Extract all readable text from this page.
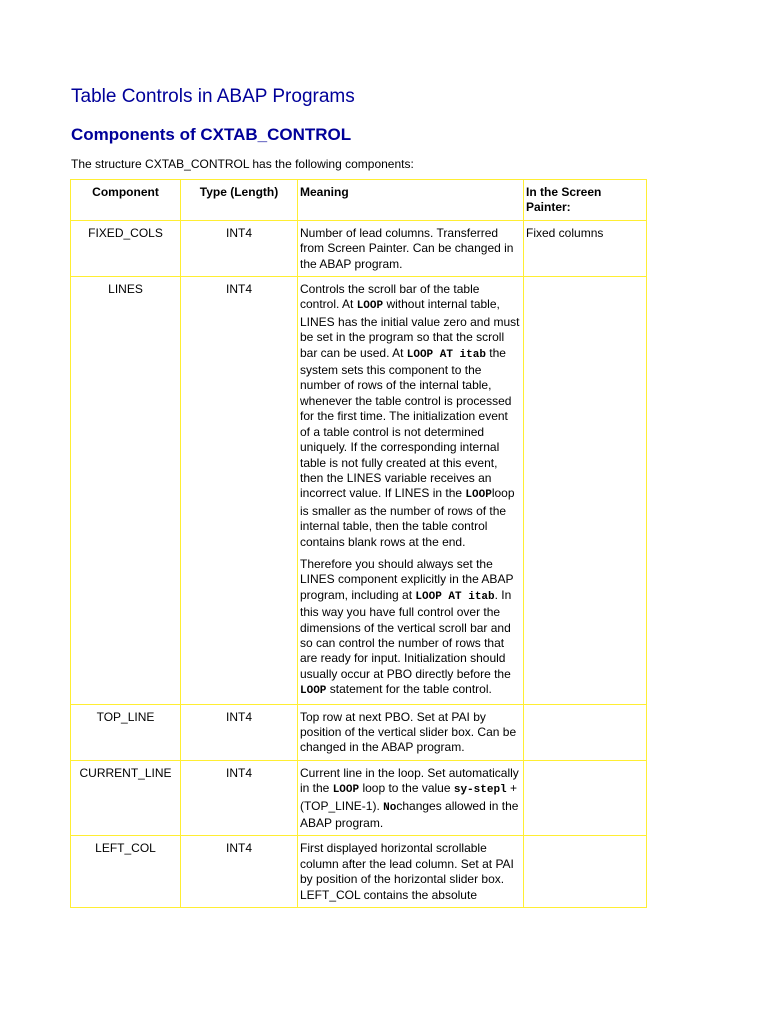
Table Controls in ABAP Programs
Components of CXTAB_CONTROL

The structure CXTAB_CONTROL has the following components:

Component	Type (Length)	Meaning	In the Screen Painter:
FIXED_COLS	INT4	Number of lead columns. Transferred from Screen Painter. Can be changed in the ABAP program.	Fixed columns
LINES	INT4	Controls the scroll bar of the table control. At LOOP without internal table, LINES has the initial value zero and must be set in the program so that the scroll bar can be used. At LOOP AT itab the system sets this component to the number of rows of the internal table, whenever the table control is processed for the first time. The initialization event of a table control is not determined uniquely. If the corresponding internal table is not fully created at this event, then the LINES variable receives an incorrect value. If LINES in the LOOPloop is smaller as the number of rows of the internal table, then the table control contains blank rows at the end.
Therefore you should always set the LINES component explicitly in the ABAP program, including at LOOP AT itab. In this way you have full control over the dimensions of the vertical scroll bar and so can control the number of rows that are ready for input. Initialization should usually occur at PBO directly before the LOOP statement for the table control.	

TOP_LINE	INT4	Top row at next PBO. Set at PAI by position of the vertical slider box. Can be changed in the ABAP program.	
CURRENT_LINE	INT4	Current line in the loop. Set automatically in the LOOP loop to the value sy-stepl +(TOP_LINE-1). Nochanges allowed in the ABAP program.	
LEFT_COL	INT4	First displayed horizontal scrollable column after the lead column. Set at PAI by position of the horizontal slider box. LEFT_COL contains the absolute	
